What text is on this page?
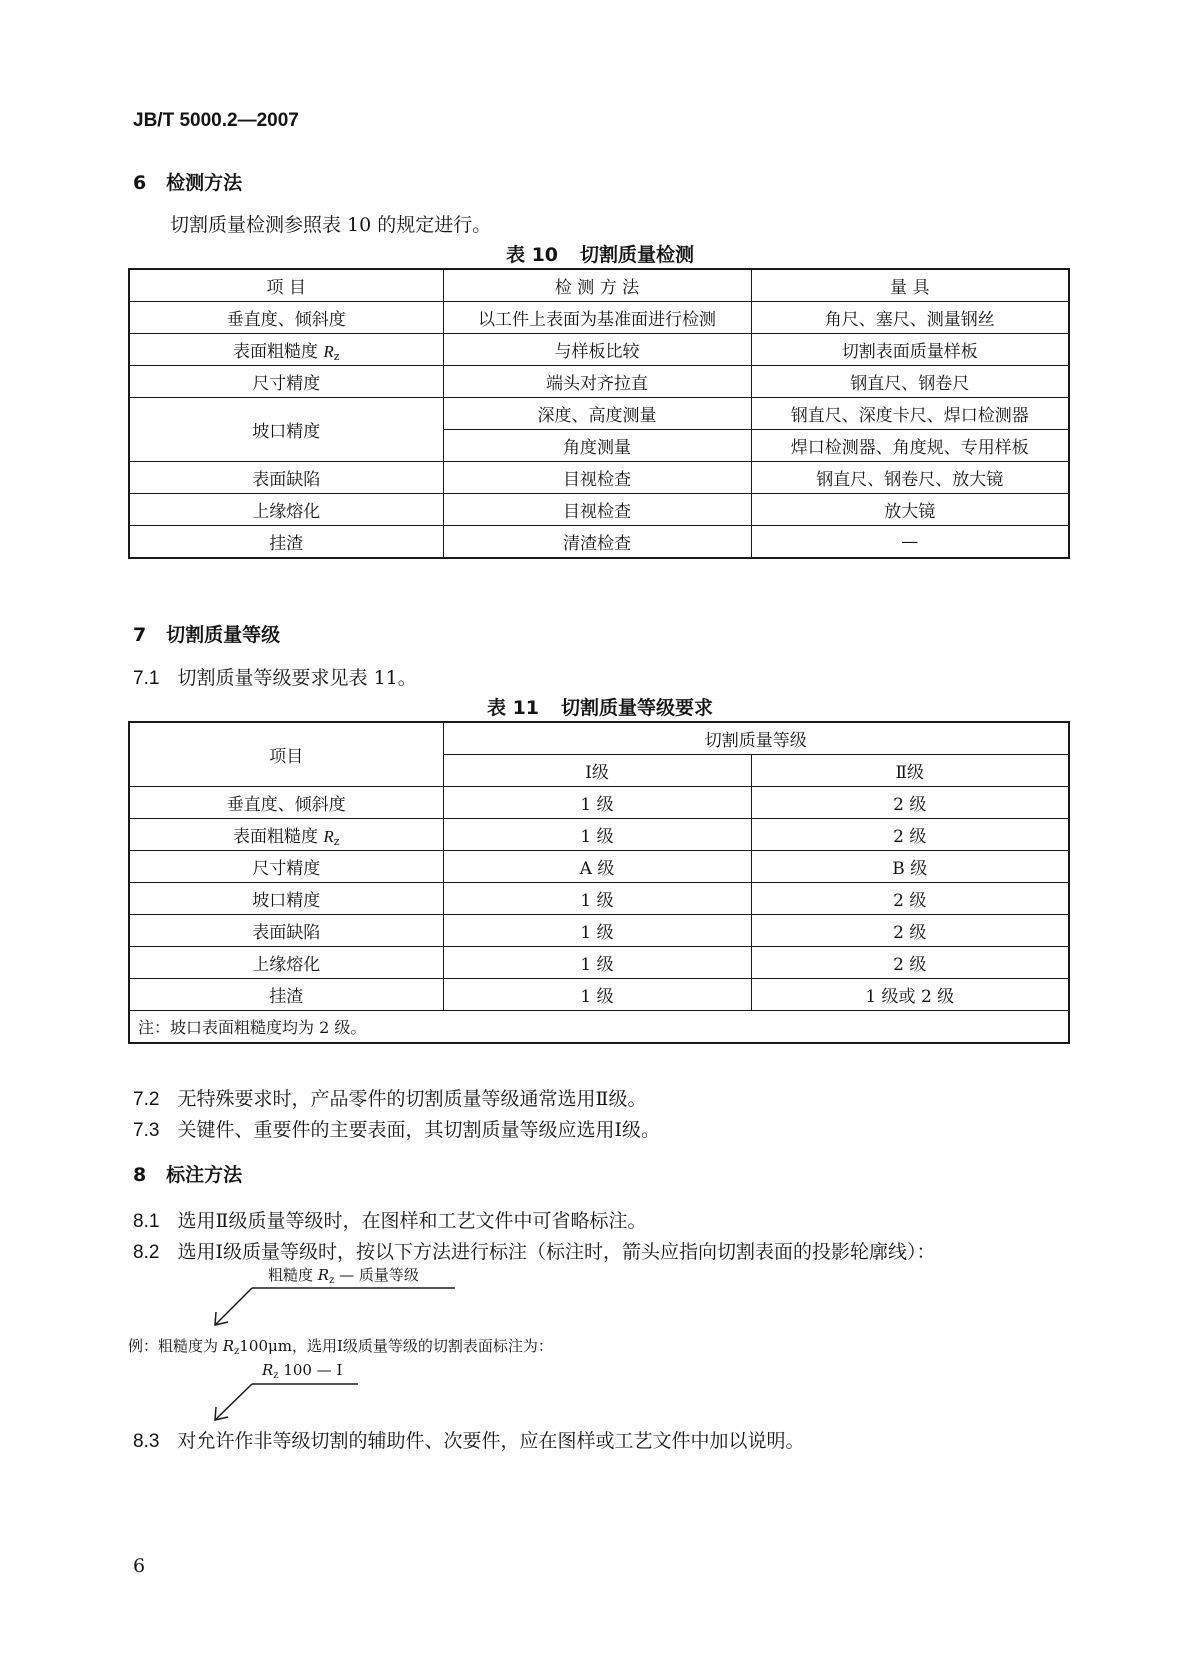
JB/T 5000.2—2007
6 检测方法
切割质量检测参照表 10 的规定进行。
表 10 切割质量检测
项 目	检 测 方 法	量 具
垂直度、倾斜度	以工件上表面为基准面进行检测	角尺、塞尺、测量钢丝
表面粗糙度 $R_z$	与样板比较	切割表面质量样板
尺寸精度	端头对齐拉直	钢直尺、钢卷尺
坡口精度	深度、高度测量	钢直尺、深度卡尺、焊口检测器
	角度测量	焊口检测器、角度规、专用样板
表面缺陷	目视检查	钢直尺、钢卷尺、放大镜
上缘熔化	目视检查	放大镜
挂渣	清渣检查	—
7 切割质量等级
7.1 切割质量等级要求见表 11。
表 11 切割质量等级要求
项目	切割质量等级	
	Ⅰ级	Ⅱ级
垂直度、倾斜度	1 级	2 级
表面粗糙度 $R_z$	1 级	2 级
尺寸精度	A 级	B 级
坡口精度	1 级	2 级
表面缺陷	1 级	2 级
上缘熔化	1 级	2 级
挂渣	1 级	1 级或 2 级
注：坡口表面粗糙度均为 2 级。		
7.2 无特殊要求时，产品零件的切割质量等级通常选用Ⅱ级。
7.3 关键件、重要件的主要表面，其切割质量等级应选用Ⅰ级。
8 标注方法
8.1 选用Ⅱ级质量等级时，在图样和工艺文件中可省略标注。
8.2 选用Ⅰ级质量等级时，按以下方法进行标注（标注时，箭头应指向切割表面的投影轮廓线）：
粗糙度 $R_z$ — 质量等级
例：粗糙度为 $R_z100\mu m$，选用Ⅰ级质量等级的切割表面标注为：
$R_z$ 100 — Ⅰ
8.3 对允许作非等级切割的辅助件、次要件，应在图样或工艺文件中加以说明。
6
